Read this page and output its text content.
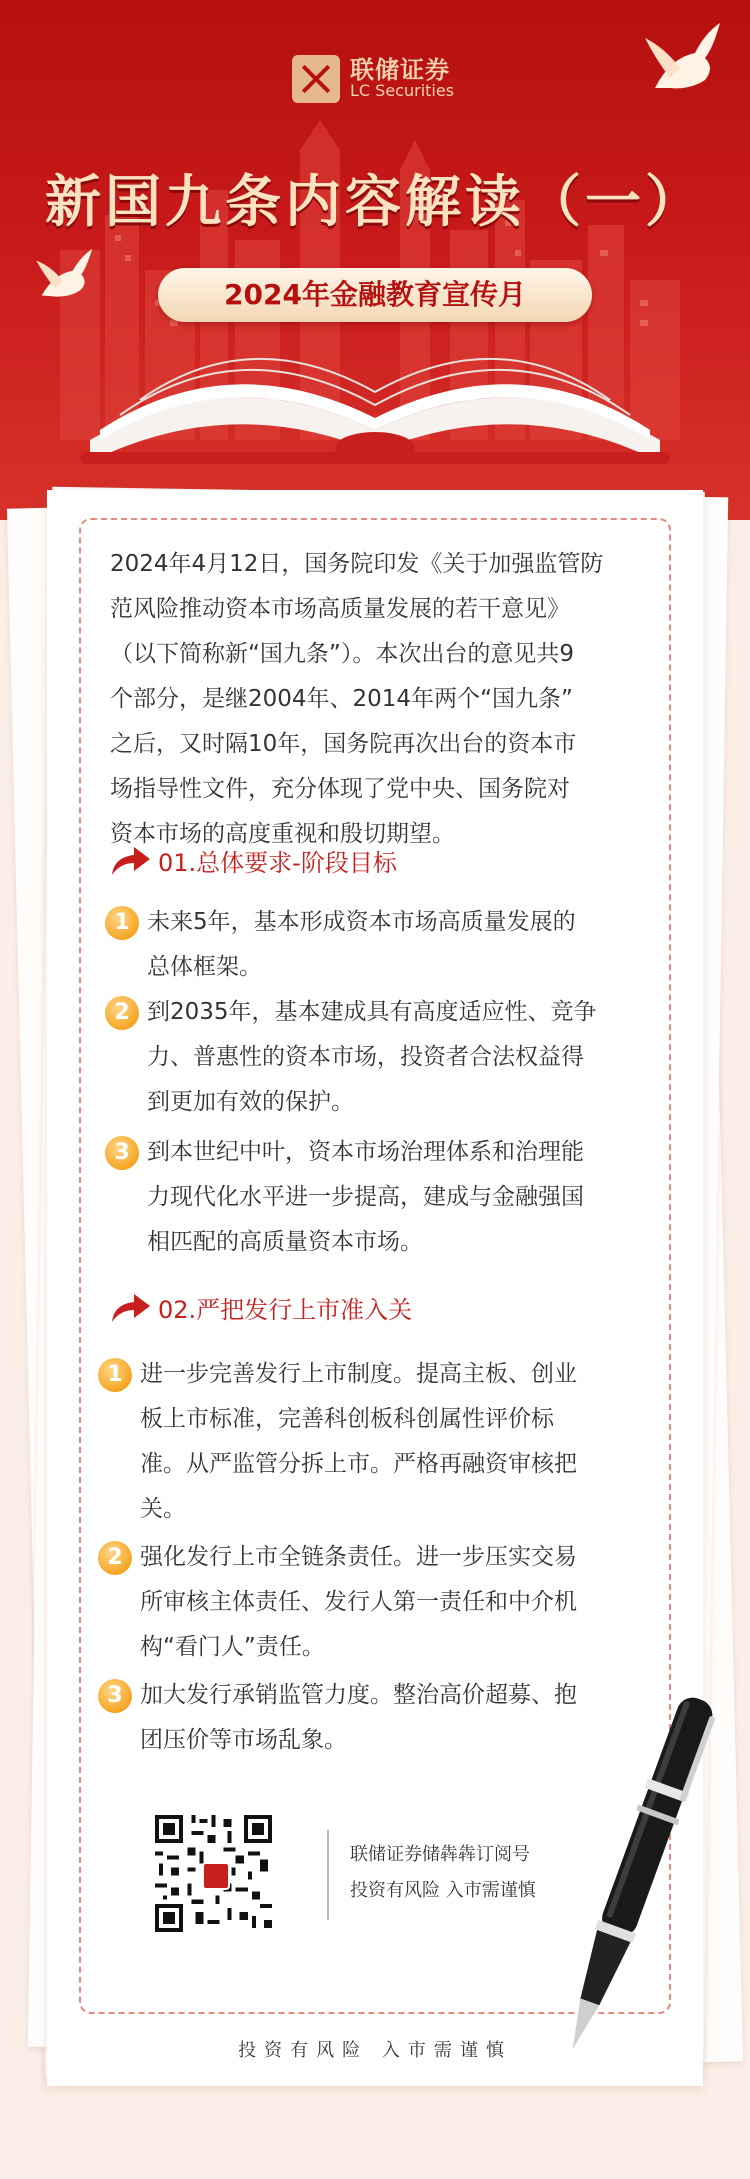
联储证券
LC Securities
新国九条内容解读（一）
2024年金融教育宣传月
2024年4月12日，国务院印发《关于加强监管防
范风险推动资本市场高质量发展的若干意见》
（以下简称新“国九条”）。本次出台的意见共9
个部分，是继2004年、2014年两个“国九条”
之后，又时隔10年，国务院再次出台的资本市
场指导性文件，充分体现了党中央、国务院对
资本市场的高度重视和殷切期望。
01.总体要求-阶段目标
1 未来5年，基本形成资本市场高质量发展的
总体框架。
2 到2035年，基本建成具有高度适应性、竞争
力、普惠性的资本市场，投资者合法权益得
到更加有效的保护。
3 到本世纪中叶，资本市场治理体系和治理能
力现代化水平进一步提高，建成与金融强国
相匹配的高质量资本市场。
02.严把发行上市准入关
1 进一步完善发行上市制度。提高主板、创业
板上市标准，完善科创板科创属性评价标
准。从严监管分拆上市。严格再融资审核把
关。
2 强化发行上市全链条责任。进一步压实交易
所审核主体责任、发行人第一责任和中介机
构“看门人”责任。
3 加大发行承销监管力度。整治高价超募、抱
团压价等市场乱象。
联储证券储犇犇订阅号
投资有风险 入市需谨慎
投资有风险 入市需谨慎
